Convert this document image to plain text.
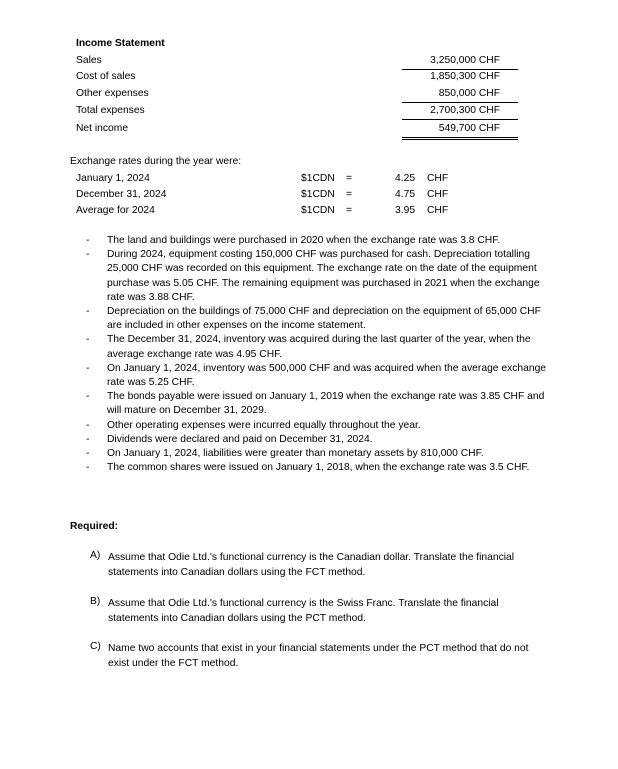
Income Statement
Sales	3,250,000 CHF
Cost of sales	1,850,300 CHF
Other expenses	850,000 CHF
Total expenses	2,700,300 CHF
Net income	549,700 CHF
Exchange rates during the year were:
January 1, 2024	$1CDN =	4.25 CHF
December 31, 2024	$1CDN =	4.75 CHF
Average for 2024	$1CDN =	3.95 CHF
- The land and buildings were purchased in 2020 when the exchange rate was 3.8 CHF.
- During 2024, equipment costing 150,000 CHF was purchased for cash. Depreciation totalling 25,000 CHF was recorded on this equipment. The exchange rate on the date of the equipment purchase was 5.05 CHF. The remaining equipment was purchased in 2021 when the exchange rate was 3.88 CHF.
- Depreciation on the buildings of 75,000 CHF and depreciation on the equipment of 65,000 CHF are included in other expenses on the income statement.
- The December 31, 2024, inventory was acquired during the last quarter of the year, when the average exchange rate was 4.95 CHF.
- On January 1, 2024, inventory was 500,000 CHF and was acquired when the average exchange rate was 5.25 CHF.
- The bonds payable were issued on January 1, 2019 when the exchange rate was 3.85 CHF and will mature on December 31, 2029.
- Other operating expenses were incurred equally throughout the year.
- Dividends were declared and paid on December 31, 2024.
- On January 1, 2024, liabilities were greater than monetary assets by 810,000 CHF.
- The common shares were issued on January 1, 2018, when the exchange rate was 3.5 CHF.
Required:
A) Assume that Odie Ltd.'s functional currency is the Canadian dollar. Translate the financial statements into Canadian dollars using the FCT method.
B) Assume that Odie Ltd.'s functional currency is the Swiss Franc. Translate the financial statements into Canadian dollars using the PCT method.
C) Name two accounts that exist in your financial statements under the PCT method that do not exist under the FCT method.
